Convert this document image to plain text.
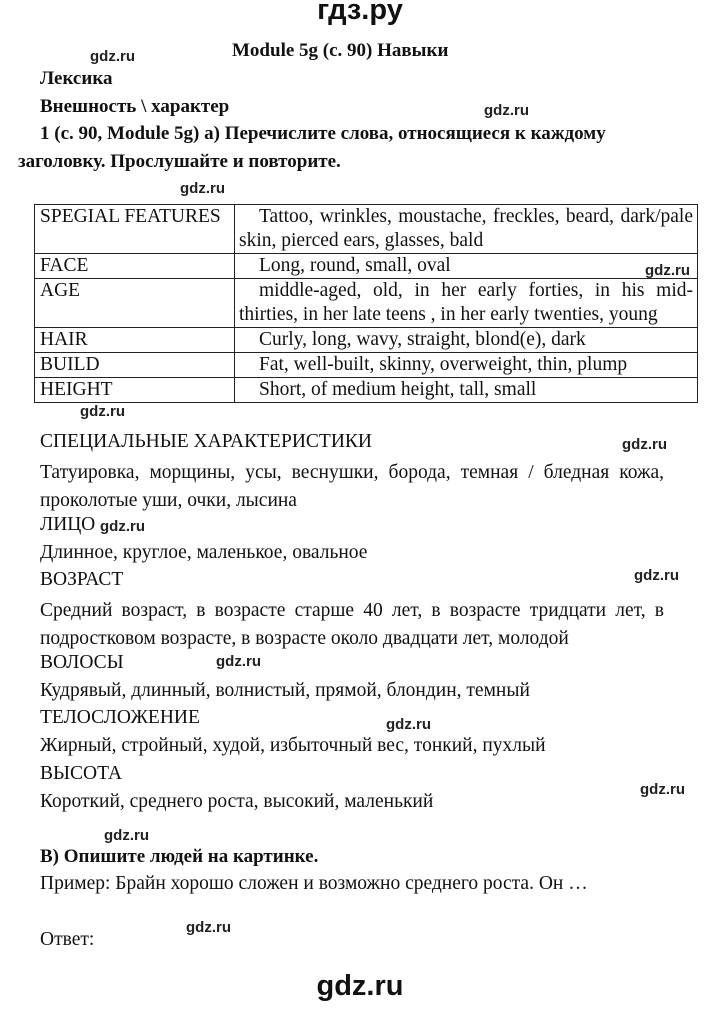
гдз.ру
gdz.ru
gdz.ru
gdz.ru
gdz.ru
gdz.ru
gdz.ru
gdz.ru
gdz.ru
gdz.ru
gdz.ru
gdz.ru
gdz.ru
gdz.ru
gdz.ru
Module 5g (с. 90) Навыки
Лексика
Внешность \ характер
1 (с. 90, Module 5g) а) Перечислите слова, относящиеся к каждому
заголовку. Прослушайте и повторите.
SPEGIAL FEATURES	Tattoo, wrinkles, moustache, freckles, beard, dark/pale skin, pierced ears, glasses, bald
FACE	Long, round, small, oval
AGE	middle-aged, old, in her early forties, in his mid-thirties, in her late teens , in her early twenties, young
HAIR	Curly, long, wavy, straight, blond(e), dark
BUILD	Fat, well-built, skinny, overweight, thin, plump
HEIGHT	Short, of medium height, tall, small
СПЕЦИАЛЬНЫЕ ХАРАКТЕРИСТИКИ
Татуировка, морщины, усы, веснушки, борода, темная / бледная кожа, проколотые уши, очки, лысина
ЛИЦО
Длинное, круглое, маленькое, овальное
ВОЗРАСТ
Средний возраст, в возрасте старше 40 лет, в возрасте тридцати лет, в подростковом возрасте, в возрасте около двадцати лет, молодой
ВОЛОСЫ
Кудрявый, длинный, волнистый, прямой, блондин, темный
ТЕЛОСЛОЖЕНИЕ
Жирный, стройный, худой, избыточный вес, тонкий, пухлый
ВЫСОТА
Короткий, среднего роста, высокий, маленький
B) Опишите людей на картинке.
Пример: Брайн хорошо сложен и возможно среднего роста. Он …
Ответ:
